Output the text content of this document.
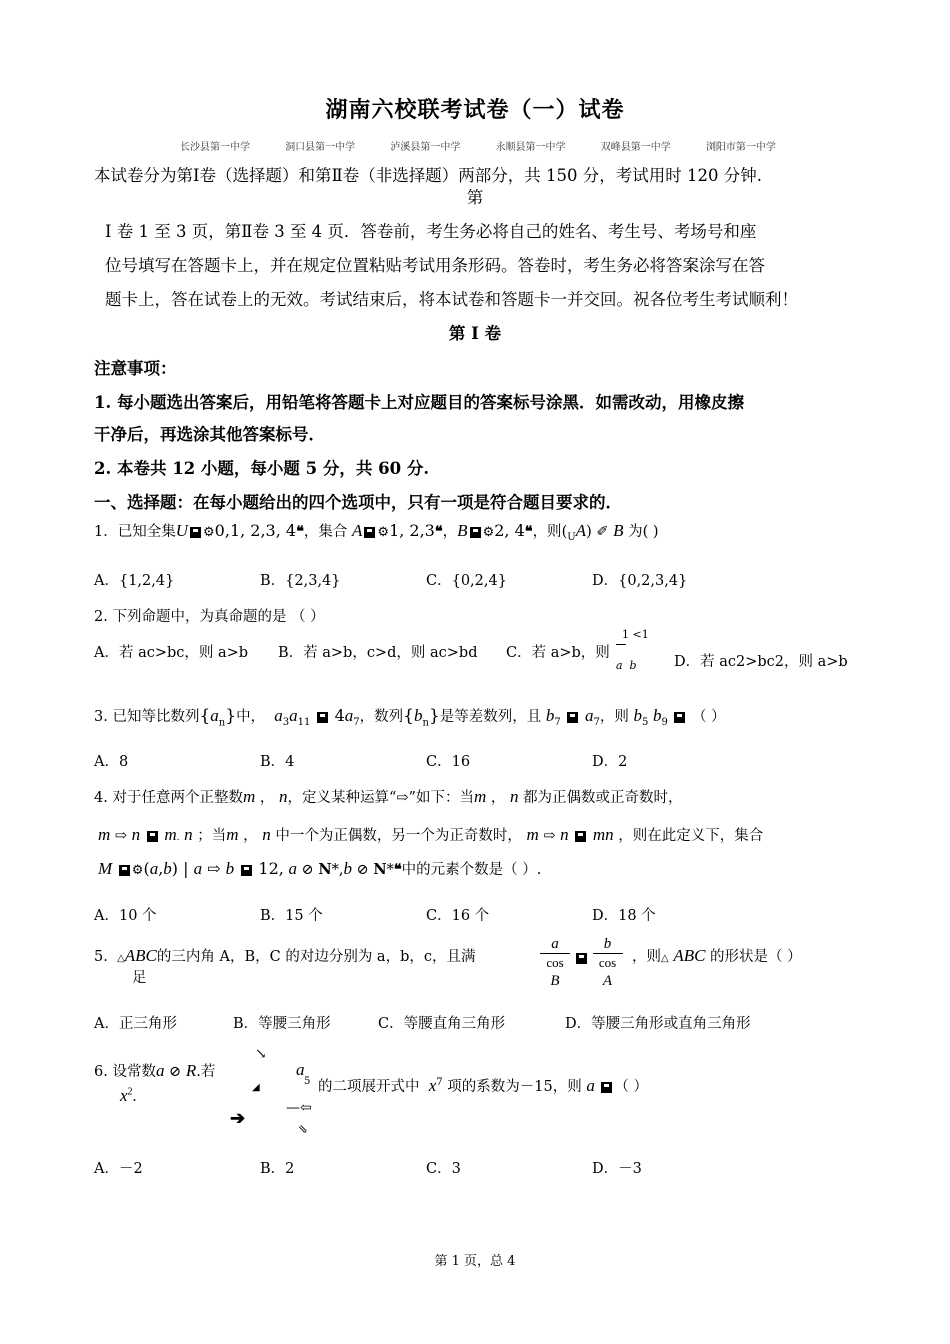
湖南六校联考试卷（一）试卷
长沙县第一中学	洞口县第一中学	泸溪县第一中学	永顺县第一中学	双峰县第一中学	浏阳市第一中学
本试卷分为第Ⅰ卷（选择题）和第Ⅱ卷（非选择题）两部分，共 150 分，考试用时 120 分钟.
第
Ⅰ 卷 1 至 3 页，第Ⅱ卷 3 至 4 页．答卷前，考生务必将自己的姓名、考生号、考场号和座
位号填写在答题卡上，并在规定位置粘贴考试用条形码。答卷时，考生务必将答案涂写在答
题卡上，答在试卷上的无效。考试结束后，将本试卷和答题卡一并交回。祝各位考生考试顺利！
第 I 卷
注意事项：
1. 每小题选出答案后，用铅笔将答题卡上对应题目的答案标号涂黑．如需改动，用橡皮擦
干净后，再选涂其他答案标号．
2. 本卷共 12 小题，每小题 5 分，共 60 分.
一、选择题：在每小题给出的四个选项中，只有一项是符合题目要求的．
1．已知全集U ⚙0,1, 2,3, 4❝，集合 A ⚙1, 2,3❝，B ⚙2, 4❝，则$(_UA)$ ✐ B 为( )
A．{1,2,4}	B．{2,3,4}	C．{0,2,4}	D．{0,2,3,4}
2. 下列命题中，为真命题的是 （ ）
A．若 ac>bc，则 a>b B．若 a>b，c>d，则 ac>bd C．若 a>b，则
1 <1
a  b	D．若 ac2>bc2，则 a>b
3. 已知等比数列$\{a_n\}$中， $a_3a_{11}$ $4a_7$，数列$\{b_n\}$是等差数列，且 $b_7$ $a_7$，则 $b_5$ $b_9$ （ ）
A．8	B．4	C．16	D．2
4. 对于任意两个正整数m ， n，定义某种运算“⇨”如下：当m ， n 都为正偶数或正奇数时，
m ⇨ n m. n ；当m ， n 中一个为正偶数，另一个为正奇数时， m ⇨ n mn ，则在此定义下，集合
M ⚙(a,b) | a ⇨ b 12, a ⊘ N*,b ⊘ N*❝中的元素个数是（ ）.
A．10 个	B．15 个	C．16 个	D．18 个
5. △ABC的三内角 A，B，C 的对边分别为 a，b，c，且满
足
a
cos
B

b
cos
A
，则△ ABC 的形状是（ ）
A．正三角形	B．等腰三角形	C．等腰直角三角形	D．等腰三角形或直角三角形
6. 设常数a ⊘ R.若
$x^2$.
↘
◢
➔
a
5
—⇦
⇘
的二项展开式中 $x^7$ 项的系数为－15，则 a （ ）
A．－2	B．2	C．3	D．－3
第 1 页，总 4
